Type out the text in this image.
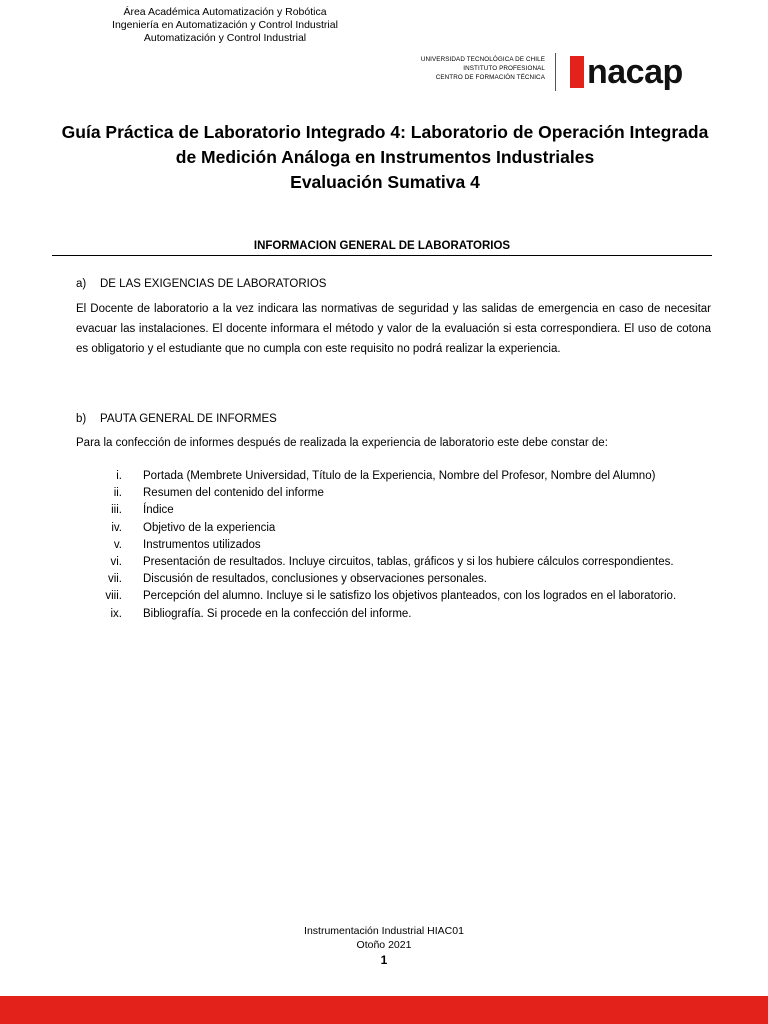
Área Académica Automatización y Robótica
Ingeniería en Automatización y Control Industrial
Automatización y Control Industrial
UNIVERSIDAD TECNOLÓGICA DE CHILE
INSTITUTO PROFESIONAL
CENTRO DE FORMACIÓN TÉCNICA nacap
Guía Práctica de Laboratorio Integrado 4: Laboratorio de Operación Integrada
de Medición Análoga en Instrumentos Industriales
Evaluación Sumativa 4
INFORMACION GENERAL DE LABORATORIOS
a) DE LAS EXIGENCIAS DE LABORATORIOS
El Docente de laboratorio a la vez indicara las normativas de seguridad y las salidas de emergencia en caso de necesitar evacuar las instalaciones. El docente informara el método y valor de la evaluación si esta correspondiera. El uso de cotona es obligatorio y el estudiante que no cumpla con este requisito no podrá realizar la experiencia.
b) PAUTA GENERAL DE INFORMES
Para la confección de informes después de realizada la experiencia de laboratorio este debe constar de:
i.	Portada (Membrete Universidad, Título de la Experiencia, Nombre del Profesor, Nombre del Alumno)
ii.	Resumen del contenido del informe
iii.	Índice
iv.	Objetivo de la experiencia
v.	Instrumentos utilizados
vi.	Presentación de resultados. Incluye circuitos, tablas, gráficos y si los hubiere cálculos correspondientes.
vii.	Discusión de resultados, conclusiones y observaciones personales.
viii.	Percepción del alumno. Incluye si le satisfizo los objetivos planteados, con los logrados en el laboratorio.
ix.	Bibliografía. Si procede en la confección del informe.
Instrumentación Industrial HIAC01
Otoño 2021
1
